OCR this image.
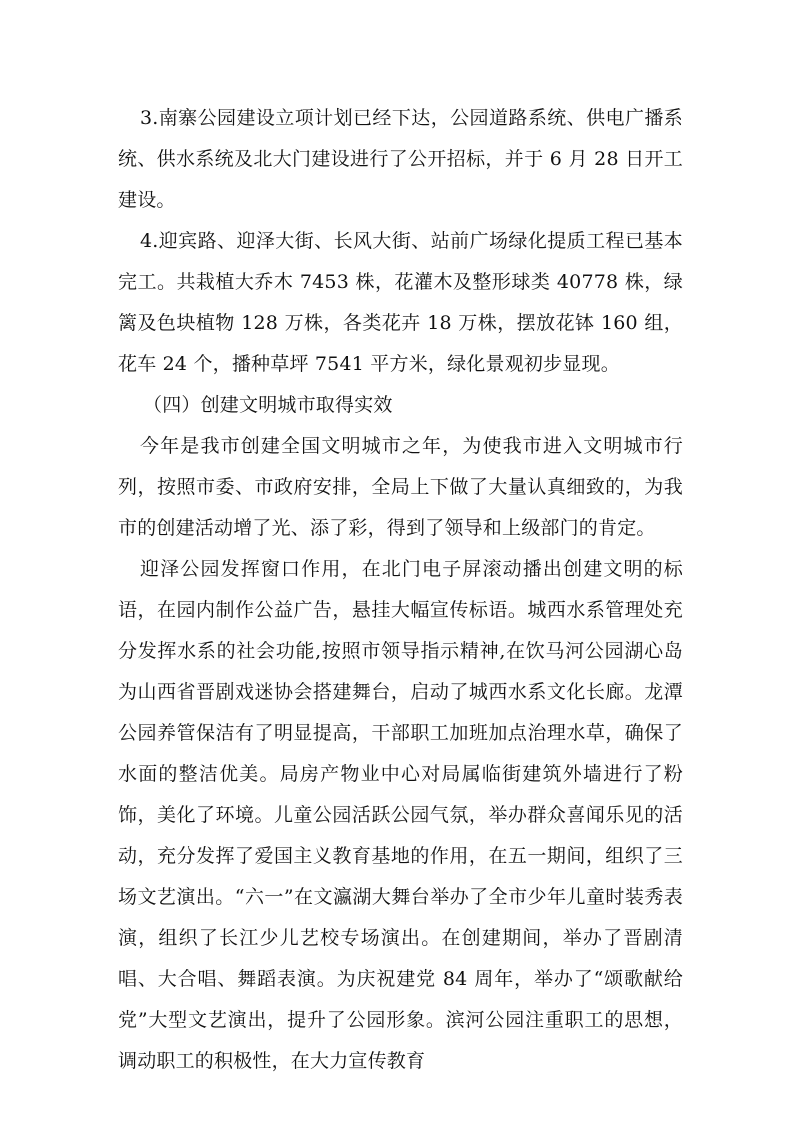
3.南寨公园建设立项计划已经下达，公园道路系统、供电广播系统、供水系统及北大门建设进行了公开招标，并于 6 月 28 日开工建设。

4.迎宾路、迎泽大街、长风大街、站前广场绿化提质工程已基本完工。共栽植大乔木 7453 株，花灌木及整形球类 40778 株，绿篱及色块植物 128 万株，各类花卉 18 万株，摆放花钵 160 组，花车 24 个，播种草坪 7541 平方米，绿化景观初步显现。

（四）创建文明城市取得实效

今年是我市创建全国文明城市之年，为使我市进入文明城市行列，按照市委、市政府安排，全局上下做了大量认真细致的，为我市的创建活动增了光、添了彩，得到了领导和上级部门的肯定。

迎泽公园发挥窗口作用，在北门电子屏滚动播出创建文明的标语，在园内制作公益广告，悬挂大幅宣传标语。城西水系管理处充分发挥水系的社会功能,按照市领导指示精神,在饮马河公园湖心岛为山西省晋剧戏迷协会搭建舞台，启动了城西水系文化长廊。龙潭公园养管保洁有了明显提高，干部职工加班加点治理水草，确保了水面的整洁优美。局房产物业中心对局属临街建筑外墙进行了粉饰，美化了环境。儿童公园活跃公园气氛，举办群众喜闻乐见的活动，充分发挥了爱国主义教育基地的作用，在五一期间，组织了三场文艺演出。“六一”在文瀛湖大舞台举办了全市少年儿童时装秀表演，组织了长江少儿艺校专场演出。在创建期间，举办了晋剧清唱、大合唱、舞蹈表演。为庆祝建党 84 周年，举办了“颂歌献给党”大型文艺演出，提升了公园形象。滨河公园注重职工的思想，调动职工的积极性，在大力宣传教育
